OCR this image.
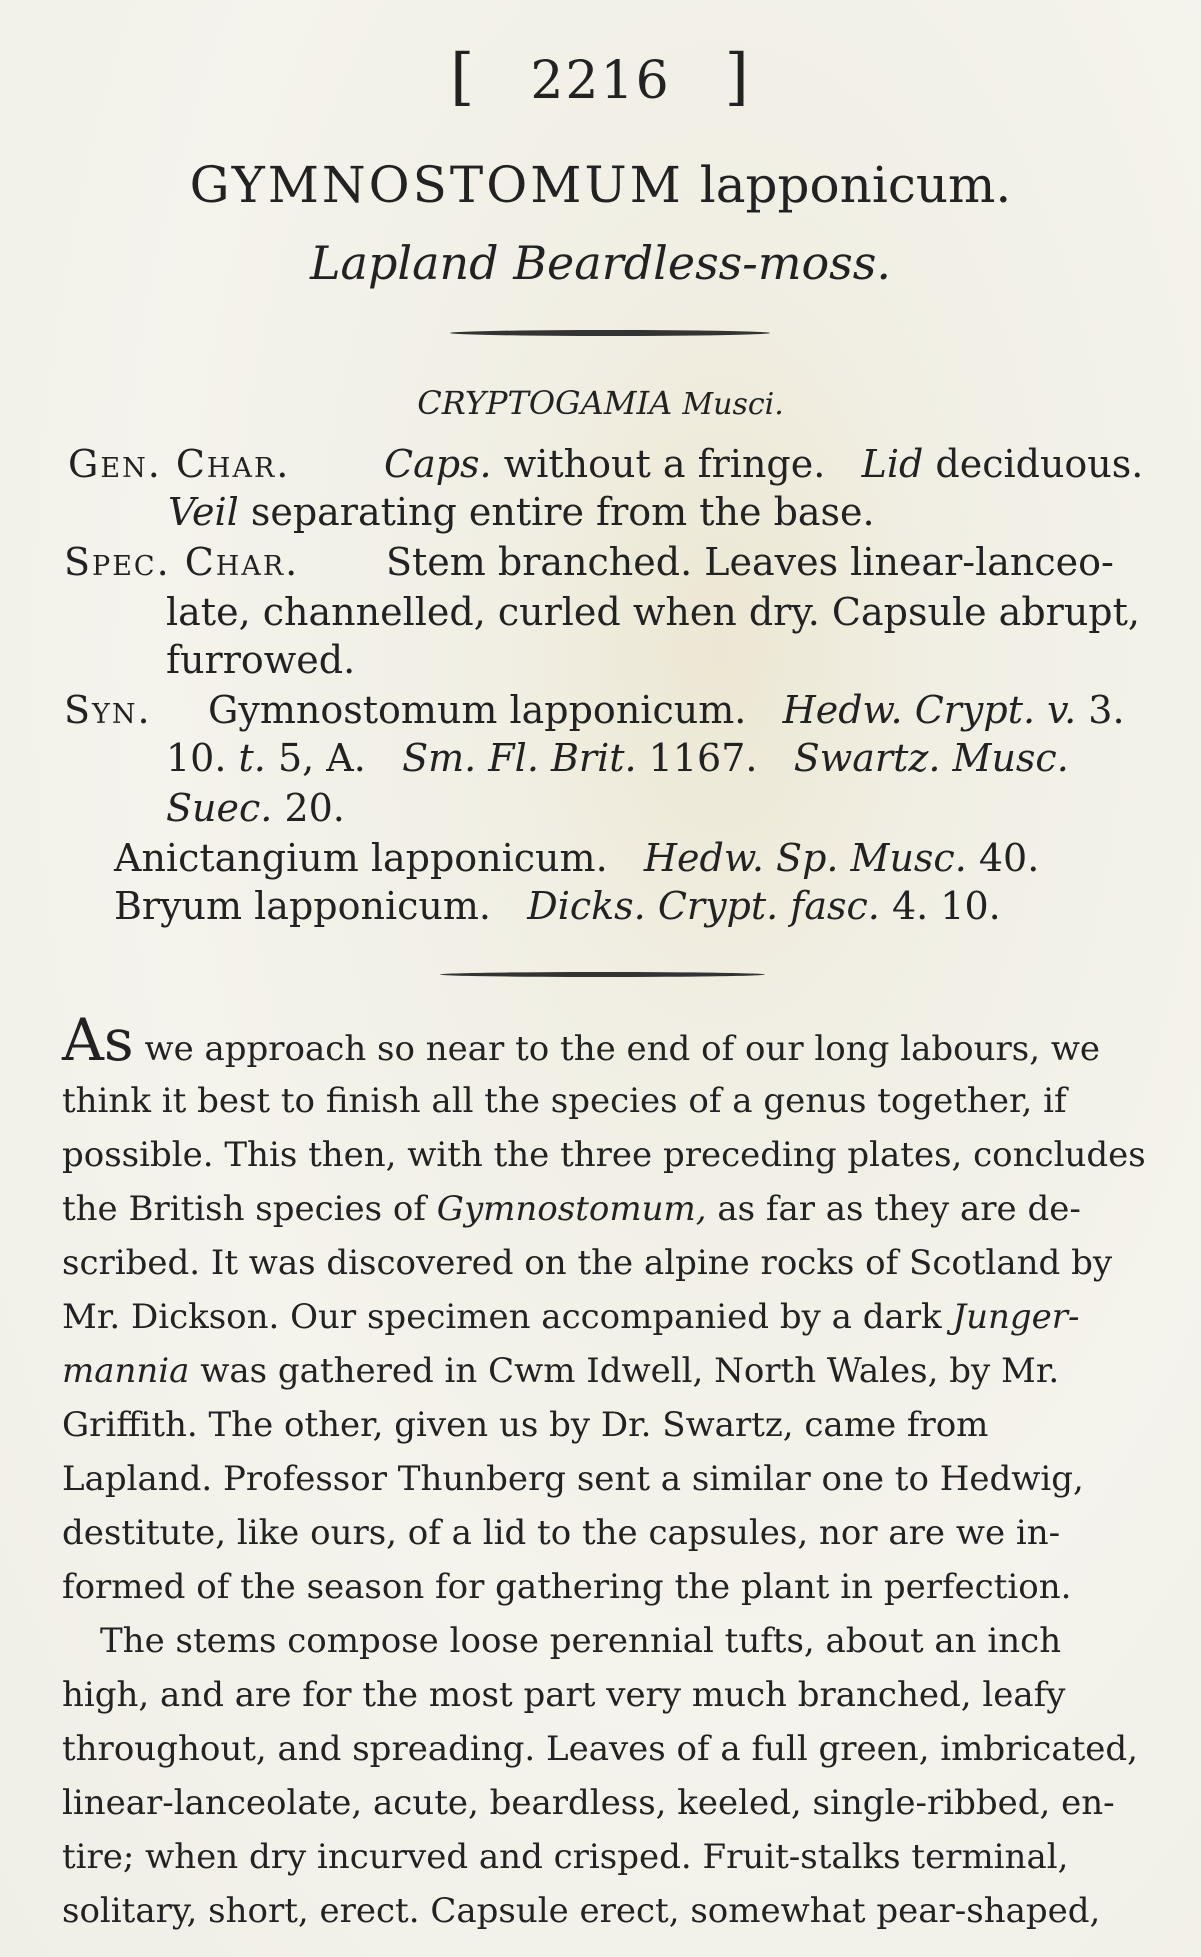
[ 2216 ]
GYMNOSTOMUM lapponicum.
Lapland Beardless-moss.
CRYPTOGAMIA Musci.
Gen. Char. Caps. without a fringe. Lid deciduous.
Veil separating entire from the base.
Spec. Char. Stem branched. Leaves linear-lanceo-
late, channelled, curled when dry. Capsule abrupt,
furrowed.
Syn. Gymnostomum lapponicum. Hedw. Crypt. v. 3.
10. t. 5, A. Sm. Fl. Brit. 1167. Swartz. Musc.
Suec. 20.
Anictangium lapponicum. Hedw. Sp. Musc. 40.
Bryum lapponicum. Dicks. Crypt. fasc. 4. 10.
As we approach so near to the end of our long labours, we
think it best to finish all the species of a genus together, if
possible. This then, with the three preceding plates, concludes
the British species of Gymnostomum, as far as they are de-
scribed. It was discovered on the alpine rocks of Scotland by
Mr. Dickson. Our specimen accompanied by a dark Junger-
mannia was gathered in Cwm Idwell, North Wales, by Mr.
Griffith. The other, given us by Dr. Swartz, came from
Lapland. Professor Thunberg sent a similar one to Hedwig,
destitute, like ours, of a lid to the capsules, nor are we in-
formed of the season for gathering the plant in perfection.
The stems compose loose perennial tufts, about an inch
high, and are for the most part very much branched, leafy
throughout, and spreading. Leaves of a full green, imbricated,
linear-lanceolate, acute, beardless, keeled, single-ribbed, en-
tire; when dry incurved and crisped. Fruit-stalks terminal,
solitary, short, erect. Capsule erect, somewhat pear-shaped,
